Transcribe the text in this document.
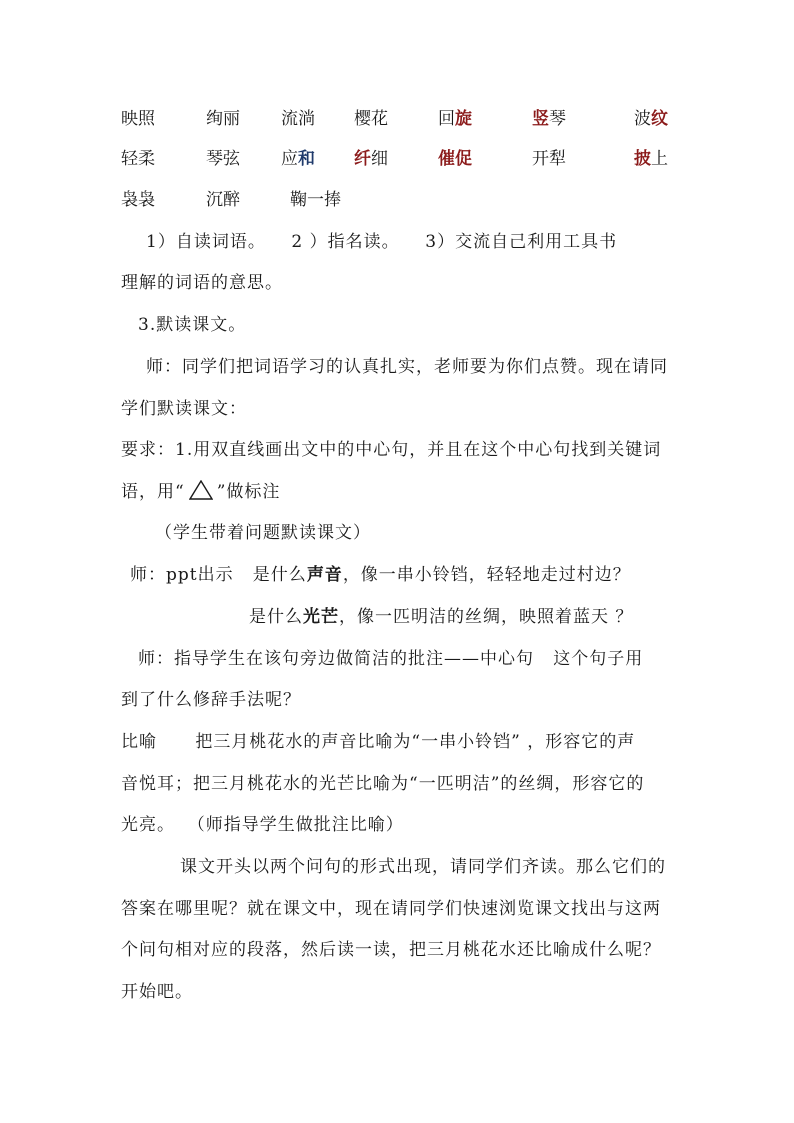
映照	绚丽 流淌 樱花	回旋	竖琴	波纹
轻柔	琴弦 应和 纤细	催促	开犁	披上
袅袅	沉醉	鞠一捧
1）自读词语。    2 ）指名读。    3）交流自己利用工具书
理解的词语的意思。
3.默读课文。
师：同学们把词语学习的认真扎实，老师要为你们点赞。现在请同
学们默读课文：
要求：1.用双直线画出文中的中心句，并且在这个中心句找到关键词
语，用“ ”做标注
（学生带着问题默读课文）
师：ppt出示   是什么声音，像一串小铃铛，轻轻地走过村边？
是什么光芒，像一匹明洁的丝绸，映照着蓝天 ？
师：指导学生在该句旁边做简洁的批注——中心句   这个句子用
到了什么修辞手法呢？
比喻      把三月桃花水的声音比喻为“一串小铃铛” ，形容它的声
音悦耳；把三月桃花水的光芒比喻为“一匹明洁”的丝绸，形容它的
光亮。  （师指导学生做批注比喻）
课文开头以两个问句的形式出现，请同学们齐读。那么它们的
答案在哪里呢？就在课文中，现在请同学们快速浏览课文找出与这两
个问句相对应的段落，然后读一读，把三月桃花水还比喻成什么呢？
开始吧。
